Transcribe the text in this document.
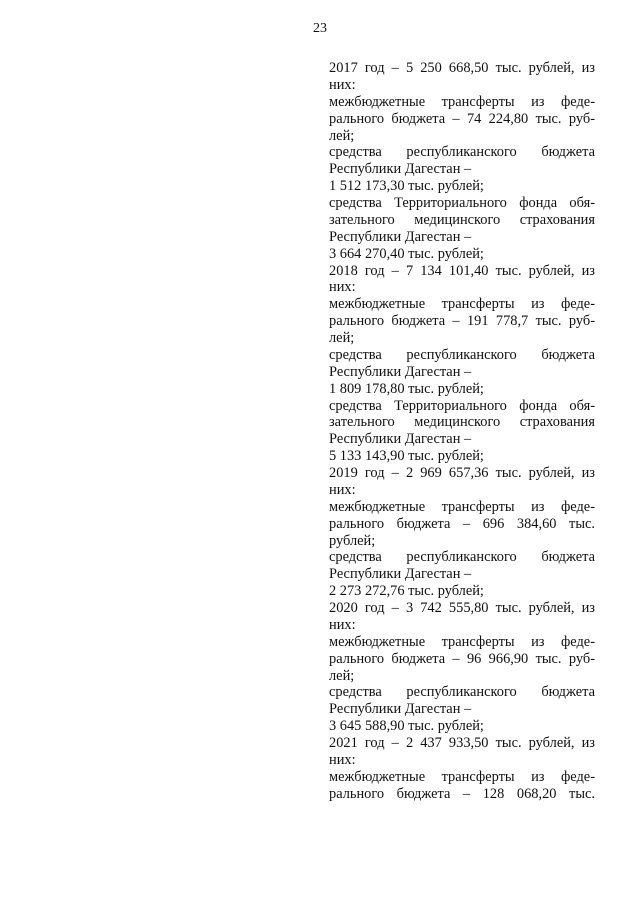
23
2017 год – 5 250 668,50 тыс. рублей, из
них:
межбюджетные трансферты из феде-
рального бюджета – 74 224,80 тыс. руб-
лей;
средства республиканского бюджета
Республики Дагестан –
1 512 173,30 тыс. рублей;
средства Территориального фонда обя-
зательного медицинского страхования
Республики Дагестан –
3 664 270,40 тыс. рублей;
2018 год – 7 134 101,40 тыс. рублей, из
них:
межбюджетные трансферты из феде-
рального бюджета – 191 778,7 тыс. руб-
лей;
средства республиканского бюджета
Республики Дагестан –
1 809 178,80 тыс. рублей;
средства Территориального фонда обя-
зательного медицинского страхования
Республики Дагестан –
5 133 143,90 тыс. рублей;
2019 год – 2 969 657,36 тыс. рублей, из
них:
межбюджетные трансферты из феде-
рального бюджета – 696 384,60 тыс.
рублей;
средства республиканского бюджета
Республики Дагестан –
2 273 272,76 тыс. рублей;
2020 год – 3 742 555,80 тыс. рублей, из
них:
межбюджетные трансферты из феде-
рального бюджета – 96 966,90 тыс. руб-
лей;
средства республиканского бюджета
Республики Дагестан –
3 645 588,90 тыс. рублей;
2021 год – 2 437 933,50 тыс. рублей, из
них:
межбюджетные трансферты из феде-
рального бюджета – 128 068,20 тыс.
